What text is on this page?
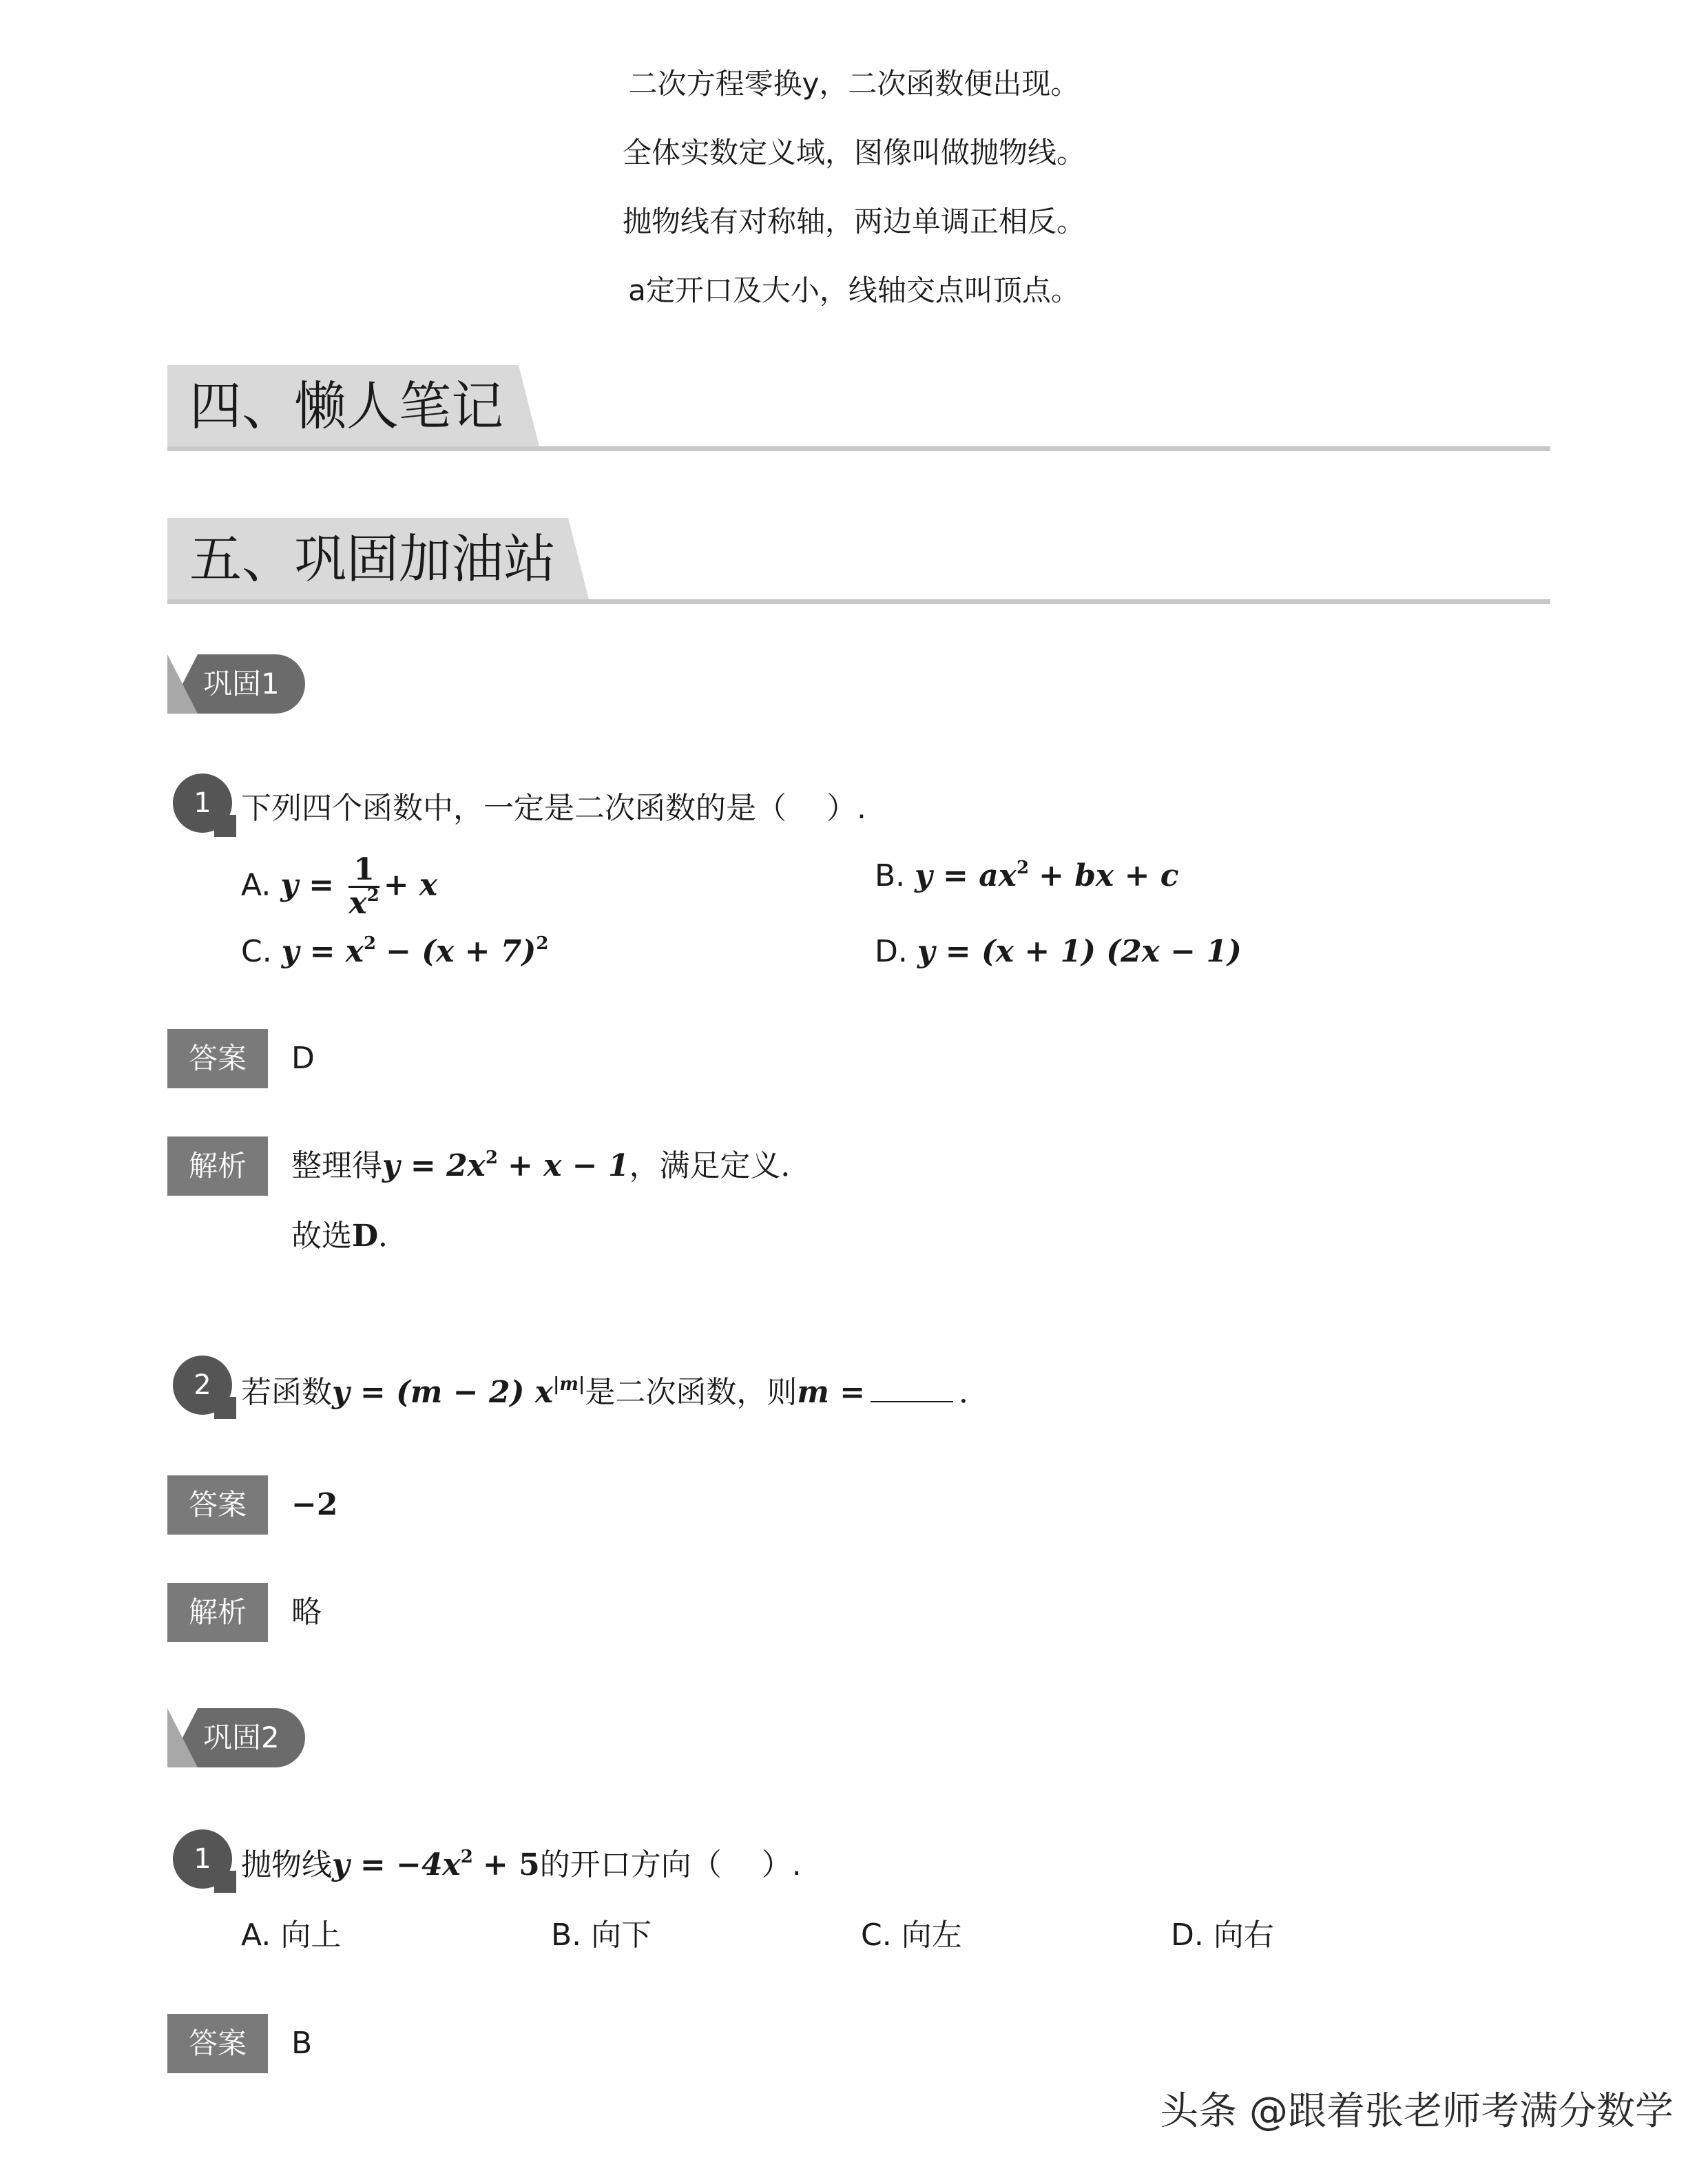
二次方程零换y，二次函数便出现。
全体实数定义域，图像叫做抛物线。
抛物线有对称轴，两边单调正相反。
a定开口及大小，线轴交点叫顶点。
四、懒人笔记
五、巩固加油站
巩固1
1 下列四个函数中，一定是二次函数的是（　 ）.
A. $y = \frac{1}{x^2} + x$	B. $y = ax^2$ + bx + c
C. $y = x^2 - (x + 7)^2$	D. y = (x + 1) (2x − 1)
答案	D
解析	整理得$y = 2x^2 + x - 1$，满足定义．
故选D．
2 若函数y = (m − 2) $x^{|m|}$是二次函数，则m =	．
答案	−2
解析	略
巩固2
1 抛物线$y = -4x^2 + 5$的开口方向（　 ）.
A. 向上	B. 向下	C. 向左	D. 向右
答案	B
头条 @跟着张老师考满分数学
